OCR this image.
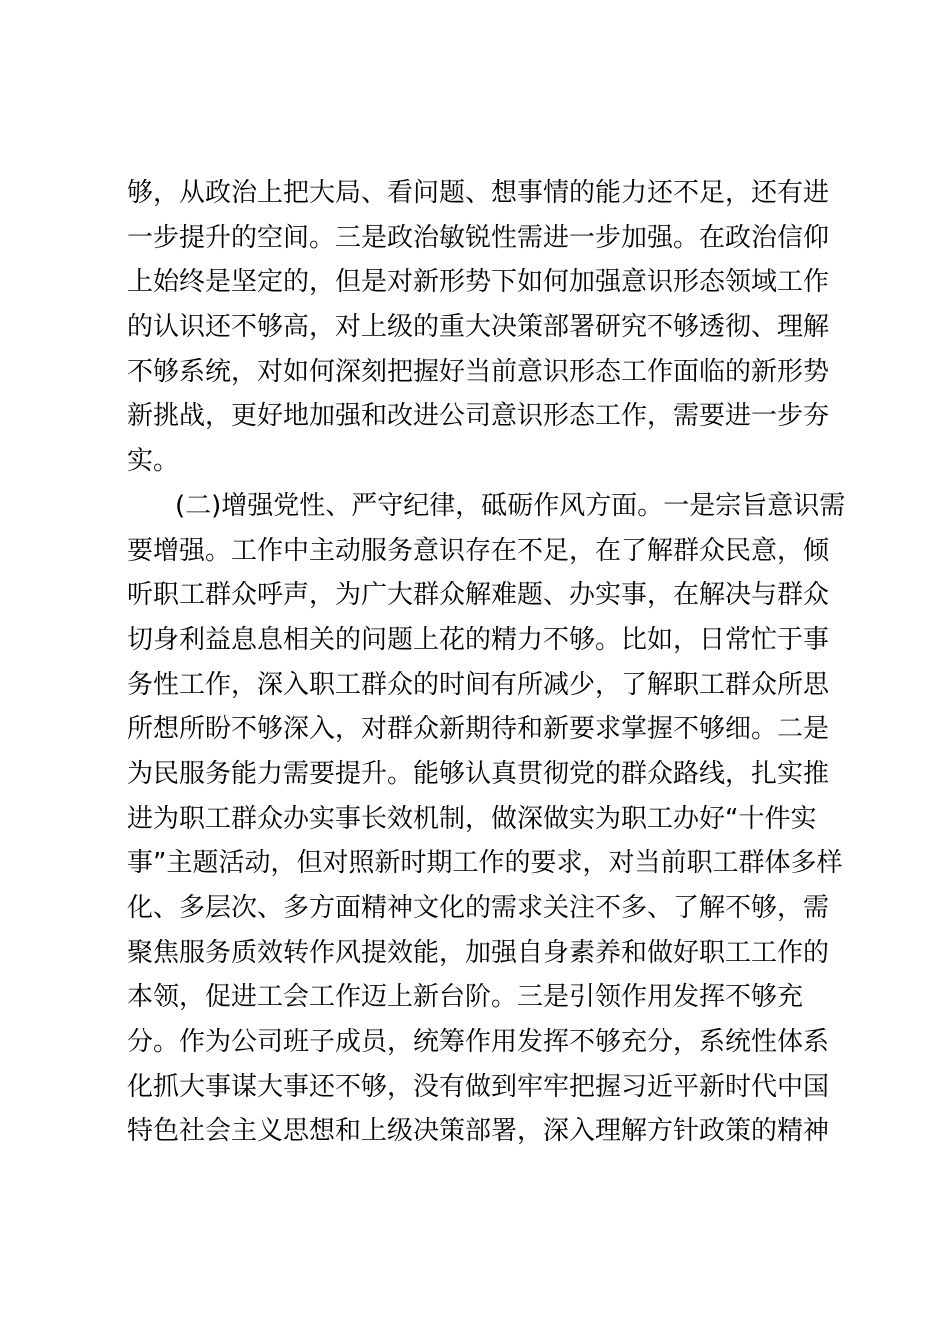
够，从政治上把大局、看问题、想事情的能力还不足，还有进
一步提升的空间。三是政治敏锐性需进一步加强。在政治信仰
上始终是坚定的，但是对新形势下如何加强意识形态领域工作
的认识还不够高，对上级的重大决策部署研究不够透彻、理解
不够系统，对如何深刻把握好当前意识形态工作面临的新形势
新挑战，更好地加强和改进公司意识形态工作，需要进一步夯
实。
(二)增强党性、严守纪律，砥砺作风方面。一是宗旨意识需
要增强。工作中主动服务意识存在不足，在了解群众民意，倾
听职工群众呼声，为广大群众解难题、办实事，在解决与群众
切身利益息息相关的问题上花的精力不够。比如，日常忙于事
务性工作，深入职工群众的时间有所减少，了解职工群众所思
所想所盼不够深入，对群众新期待和新要求掌握不够细。二是
为民服务能力需要提升。能够认真贯彻党的群众路线，扎实推
进为职工群众办实事长效机制，做深做实为职工办好“十件实
事”主题活动，但对照新时期工作的要求，对当前职工群体多样
化、多层次、多方面精神文化的需求关注不多、了解不够，需
聚焦服务质效转作风提效能，加强自身素养和做好职工工作的
本领，促进工会工作迈上新台阶。三是引领作用发挥不够充
分。作为公司班子成员，统筹作用发挥不够充分，系统性体系
化抓大事谋大事还不够，没有做到牢牢把握习近平新时代中国
特色社会主义思想和上级决策部署，深入理解方针政策的精神
